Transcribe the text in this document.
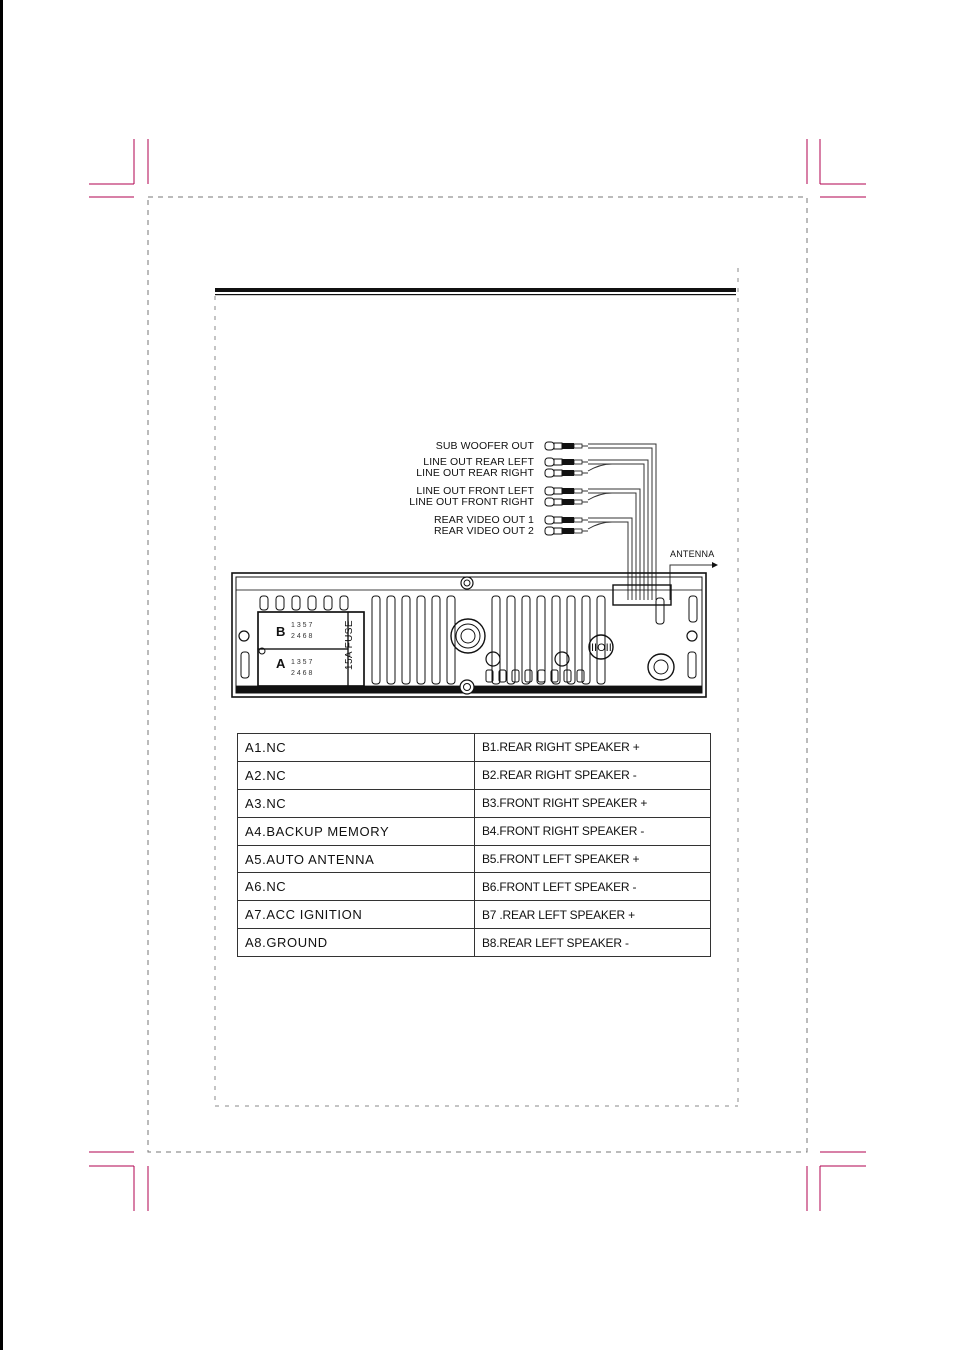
IIOII
1 3 5 7
2 4 6 8
1 3 5 7
2 4 6 8
SUB WOOFER OUT
LINE OUT REAR LEFT
LINE OUT REAR RIGHT
LINE OUT FRONT LEFT
LINE OUT FRONT RIGHT
REAR VIDEO OUT 1
REAR VIDEO OUT 2
ANTENNA
15A FUSE
B
A
A1.NC	B1.REAR RIGHT SPEAKER +
A2.NC	B2.REAR RIGHT SPEAKER -
A3.NC	B3.FRONT RIGHT SPEAKER +
A4.BACKUP MEMORY	B4.FRONT RIGHT SPEAKER -
A5.AUTO ANTENNA	B5.FRONT LEFT SPEAKER +
A6.NC	B6.FRONT LEFT SPEAKER -
A7.ACC IGNITION	B7 .REAR LEFT SPEAKER +
A8.GROUND	B8.REAR LEFT SPEAKER -
